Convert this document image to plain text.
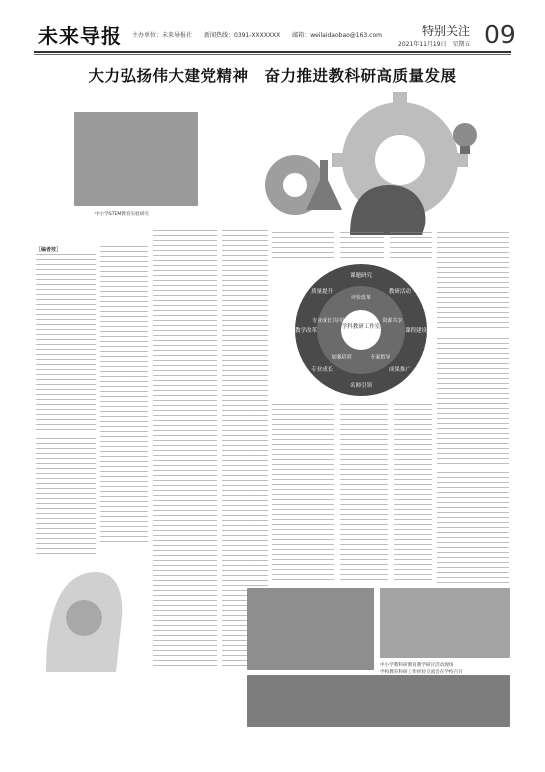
未来导报 主办单位：未来导报社　　新闻热线：0391-XXXXXXX　　邮箱：weilaidaobao@163.com	特别关注
2021年11月19日　星期五 09
大力弘扬伟大建党精神　奋力推进教科研高质量发展
中小学STEM教育实验研究
［编者按］
学科教研工作室
课题研究
教研活动
课程建设
成果推广
名师引领
专业成长
教学改革
质量提升
评价改革
资源共享
专家指导
加强培训
专业成长共同体
中小学教科研教育教学研讨活动现场
学校教育科研工作经验交流会在学校召开
